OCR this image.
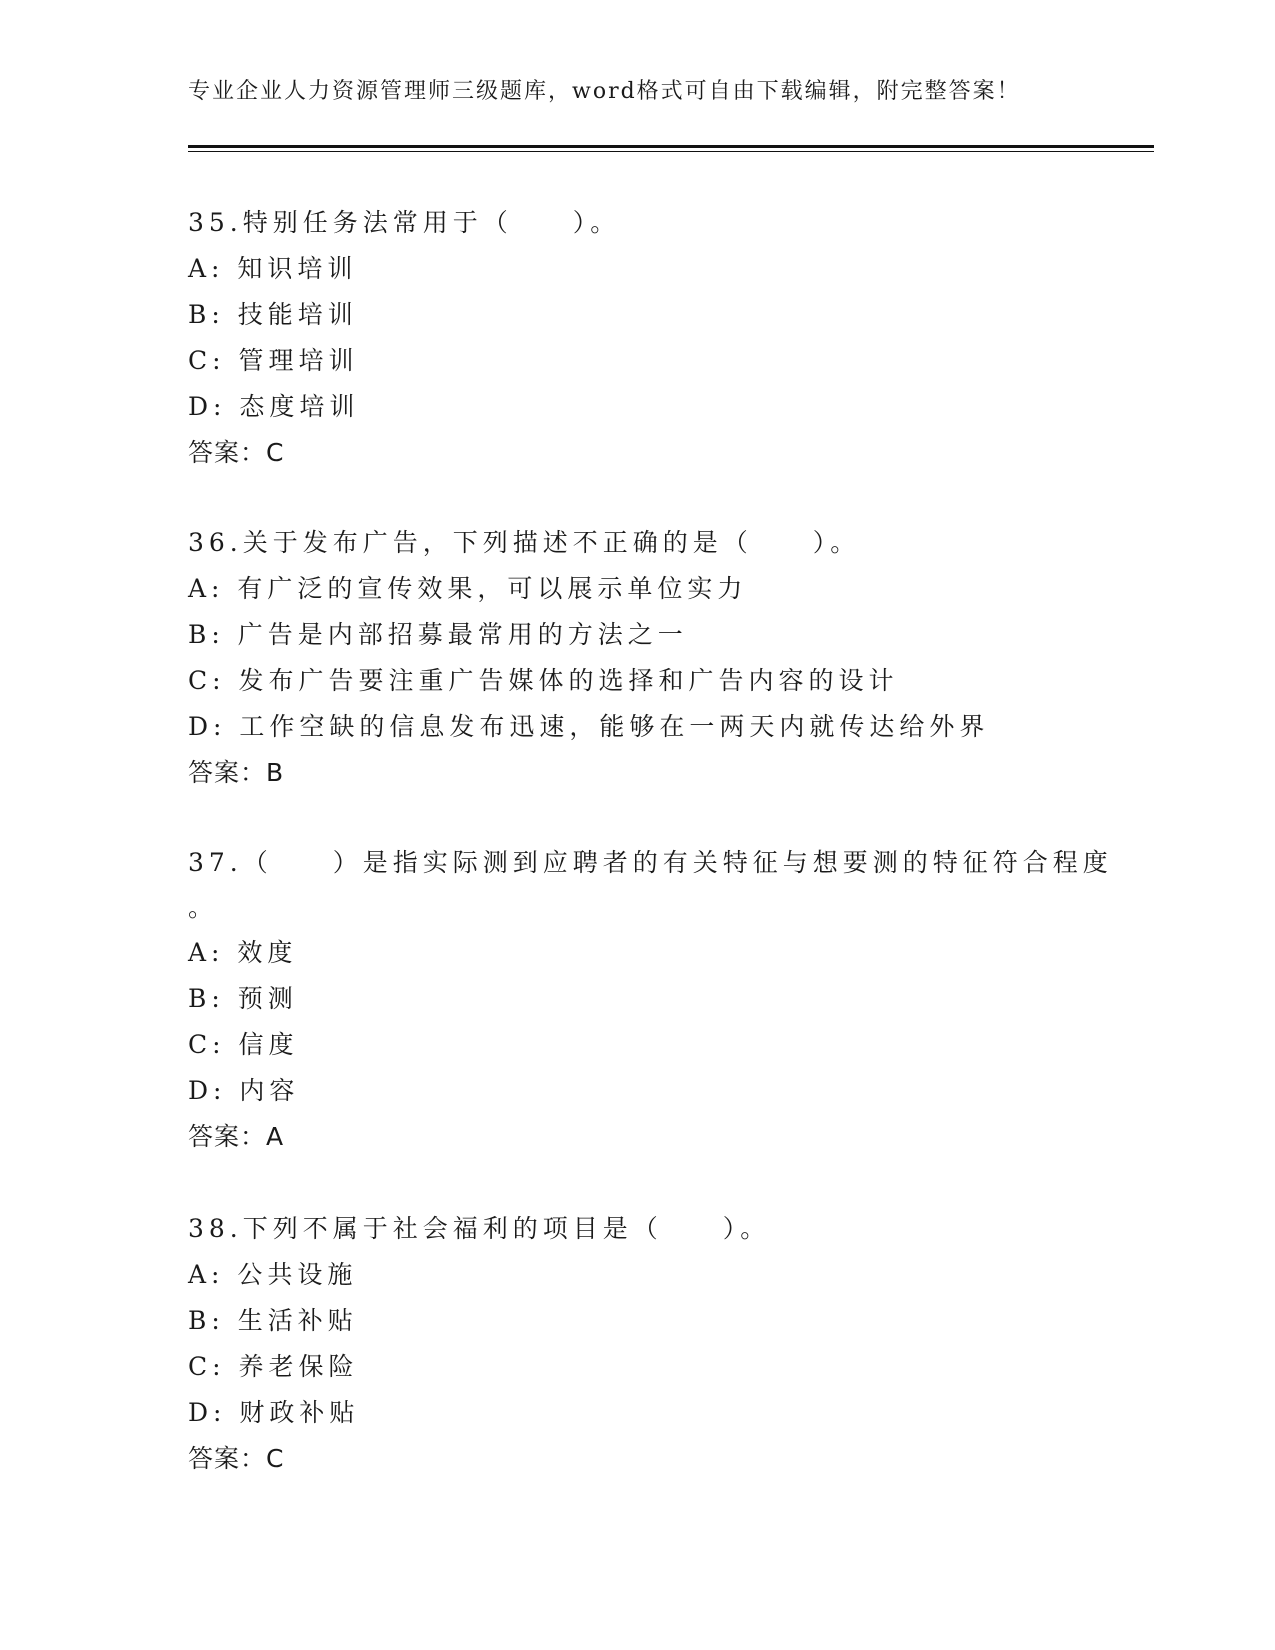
专业企业人力资源管理师三级题库，word格式可自由下载编辑，附完整答案！
35.特别任务法常用于（　　）。
A: 知识培训
B: 技能培训
C: 管理培训
D: 态度培训
答案：C
36.关于发布广告，下列描述不正确的是（　　）。
A: 有广泛的宣传效果，可以展示单位实力
B: 广告是内部招募最常用的方法之一
C: 发布广告要注重广告媒体的选择和广告内容的设计
D: 工作空缺的信息发布迅速，能够在一两天内就传达给外界
答案：B
37.（　　）是指实际测到应聘者的有关特征与想要测的特征符合程度
。
A: 效度
B: 预测
C: 信度
D: 内容
答案：A
38.下列不属于社会福利的项目是（　　）。
A: 公共设施
B: 生活补贴
C: 养老保险
D: 财政补贴
答案：C
